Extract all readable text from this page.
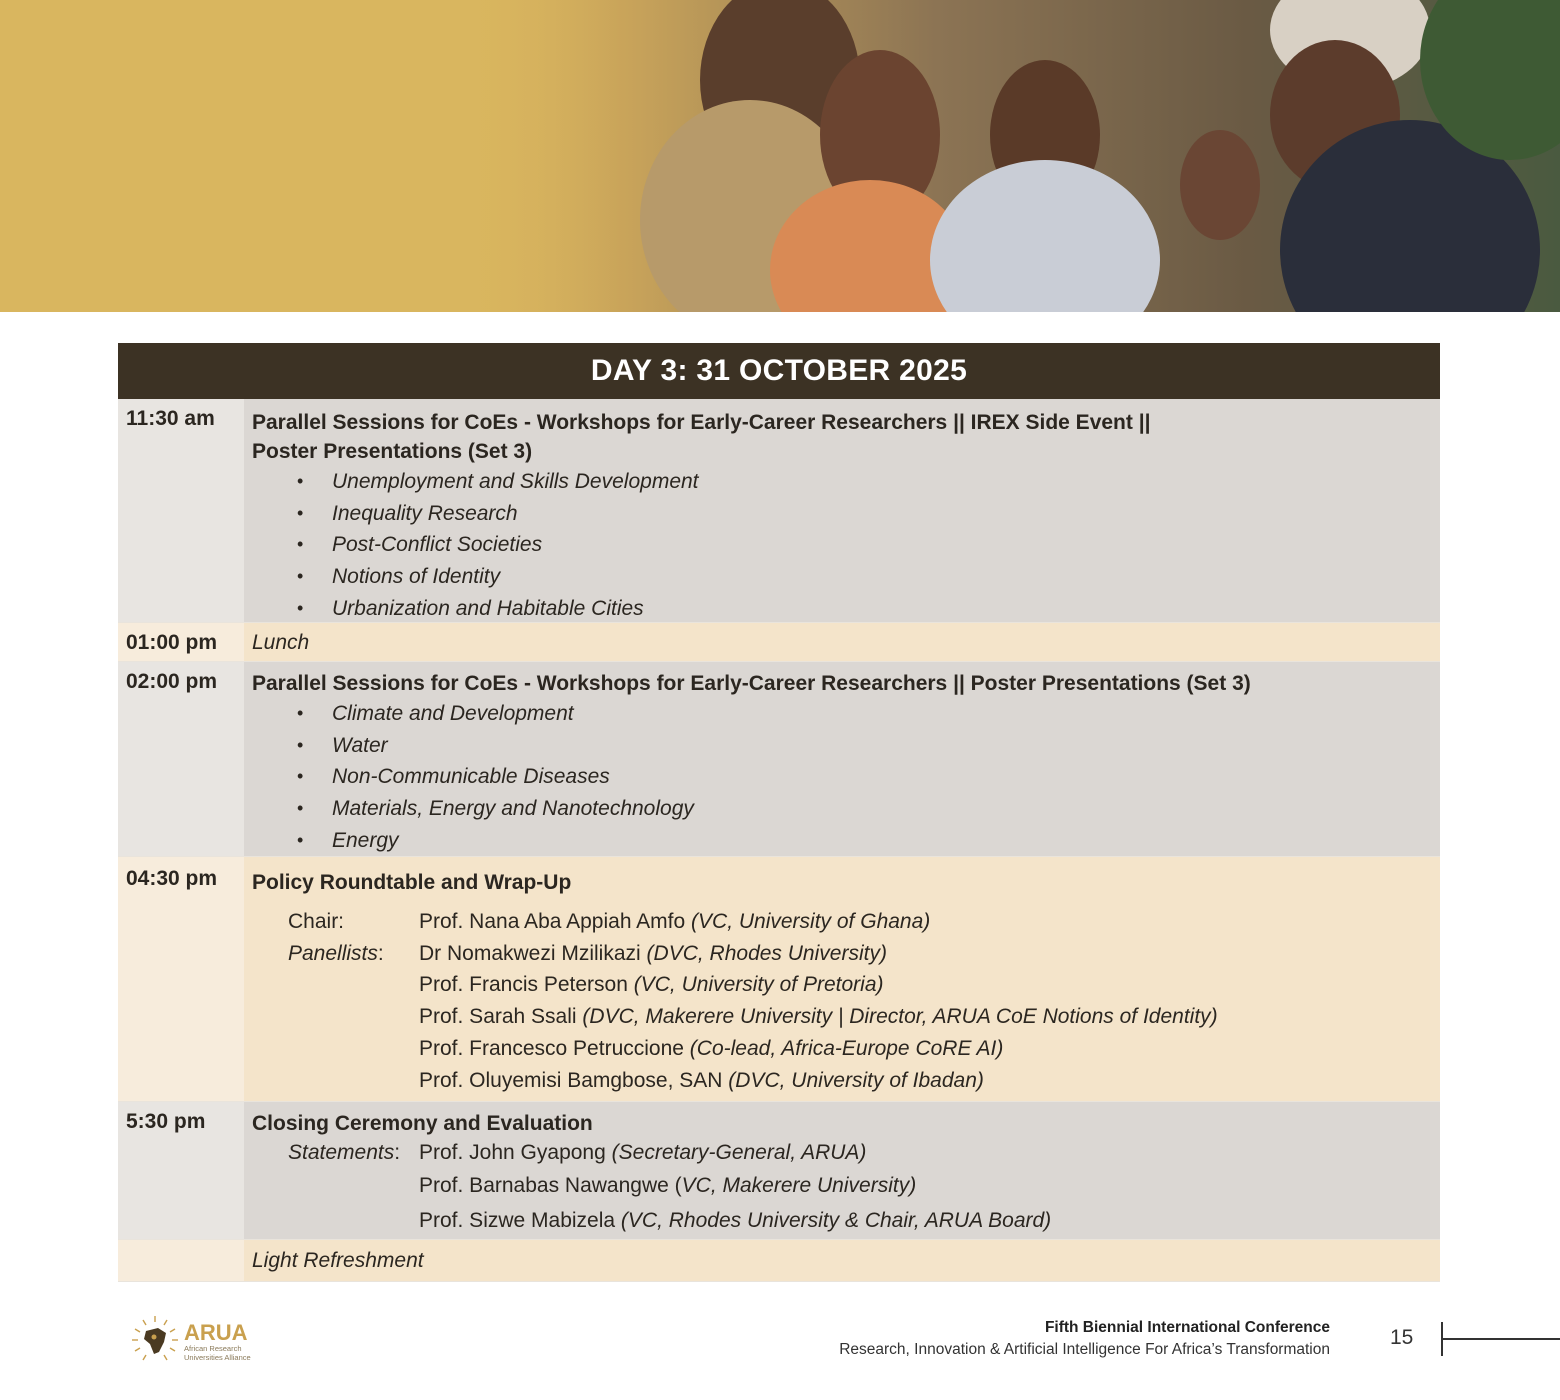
DAY 3: 31 OCTOBER 2025
11:30 am	Parallel Sessions for CoEs - Workshops for Early-Career Researchers || IREX Side Event ||
Poster Presentations (Set 3)
• Unemployment and Skills Development
• Inequality Research
• Post-Conflict Societies
• Notions of Identity
• Urbanization and Habitable Cities
01:00 pm	Lunch
02:00 pm	Parallel Sessions for CoEs - Workshops for Early-Career Researchers || Poster Presentations (Set 3)
• Climate and Development
• Water
• Non-Communicable Diseases
• Materials, Energy and Nanotechnology
• Energy
04:30 pm	Policy Roundtable and Wrap-Up
Chair:	Prof. Nana Aba Appiah Amfo (VC, University of Ghana)
Panellists:	Dr Nomakwezi Mzilikazi (DVC, Rhodes University)
Prof. Francis Peterson (VC, University of Pretoria)
Prof. Sarah Ssali (DVC, Makerere University | Director, ARUA CoE Notions of Identity)
Prof. Francesco Petruccione (Co-lead, Africa-Europe CoRE AI)
Prof. Oluyemisi Bamgbose, SAN (DVC, University of Ibadan)
5:30 pm	Closing Ceremony and Evaluation
Statements: Prof. John Gyapong (Secretary-General, ARUA)
Prof. Barnabas Nawangwe (VC, Makerere University)
Prof. Sizwe Mabizela (VC, Rhodes University & Chair, ARUA Board)
Light Refreshment
ARUA
African Research
Universities Alliance
Fifth Biennial International Conference
Research, Innovation & Artificial Intelligence For Africa’s Transformation
15
